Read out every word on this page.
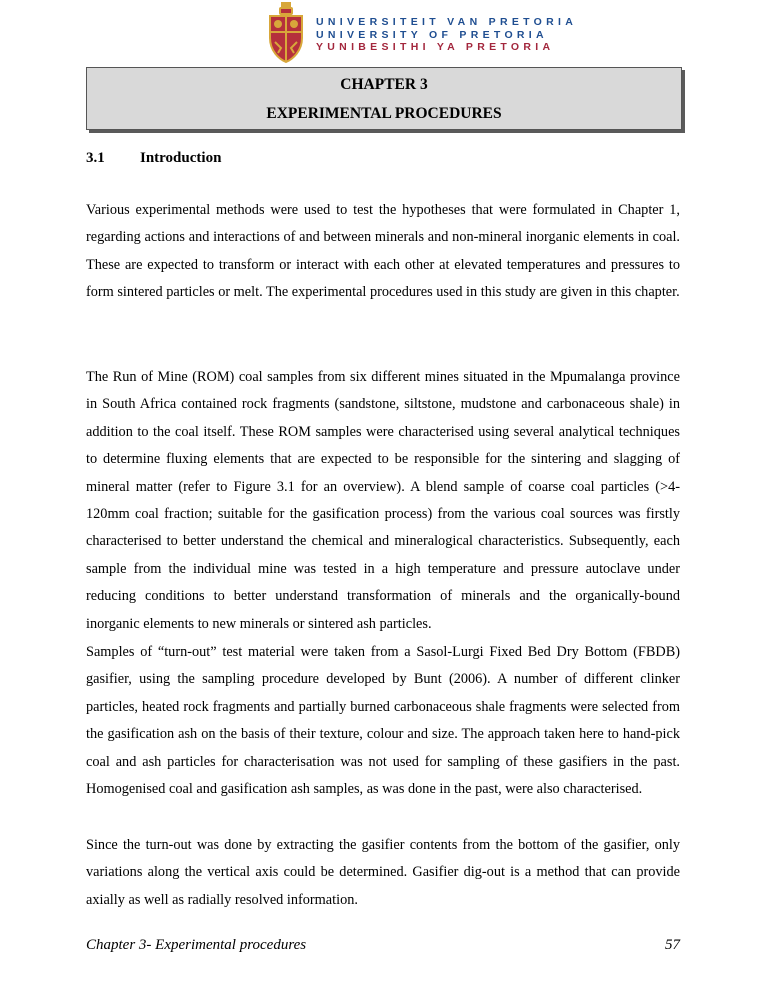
UNIVERSITEIT VAN PRETORIA
UNIVERSITY OF PRETORIA
YUNIBESITHI YA PRETORIA
CHAPTER 3
EXPERIMENTAL PROCEDURES
3.1 Introduction

Various experimental methods were used to test the hypotheses that were formulated in Chapter 1, regarding actions and interactions of and between minerals and non-mineral inorganic elements in coal. These are expected to transform or interact with each other at elevated temperatures and pressures to form sintered particles or melt. The experimental procedures used in this study are given in this chapter.

The Run of Mine (ROM) coal samples from six different mines situated in the Mpumalanga province in South Africa contained rock fragments (sandstone, siltstone, mudstone and carbonaceous shale) in addition to the coal itself. These ROM samples were characterised using several analytical techniques to determine fluxing elements that are expected to be responsible for the sintering and slagging of mineral matter (refer to Figure 3.1 for an overview). A blend sample of coarse coal particles (>4-120mm coal fraction; suitable for the gasification process) from the various coal sources was firstly characterised to better understand the chemical and mineralogical characteristics. Subsequently, each sample from the individual mine was tested in a high temperature and pressure autoclave under reducing conditions to better understand transformation of minerals and the organically-bound inorganic elements to new minerals or sintered ash particles.

Samples of “turn-out” test material were taken from a Sasol-Lurgi Fixed Bed Dry Bottom (FBDB) gasifier, using the sampling procedure developed by Bunt (2006). A number of different clinker particles, heated rock fragments and partially burned carbonaceous shale fragments were selected from the gasification ash on the basis of their texture, colour and size. The approach taken here to hand-pick coal and ash particles for characterisation was not used for sampling of these gasifiers in the past. Homogenised coal and gasification ash samples, as was done in the past, were also characterised.

Since the turn-out was done by extracting the gasifier contents from the bottom of the gasifier, only variations along the vertical axis could be determined. Gasifier dig-out is a method that can provide axially as well as radially resolved information.

Chapter 3- Experimental procedures	57
